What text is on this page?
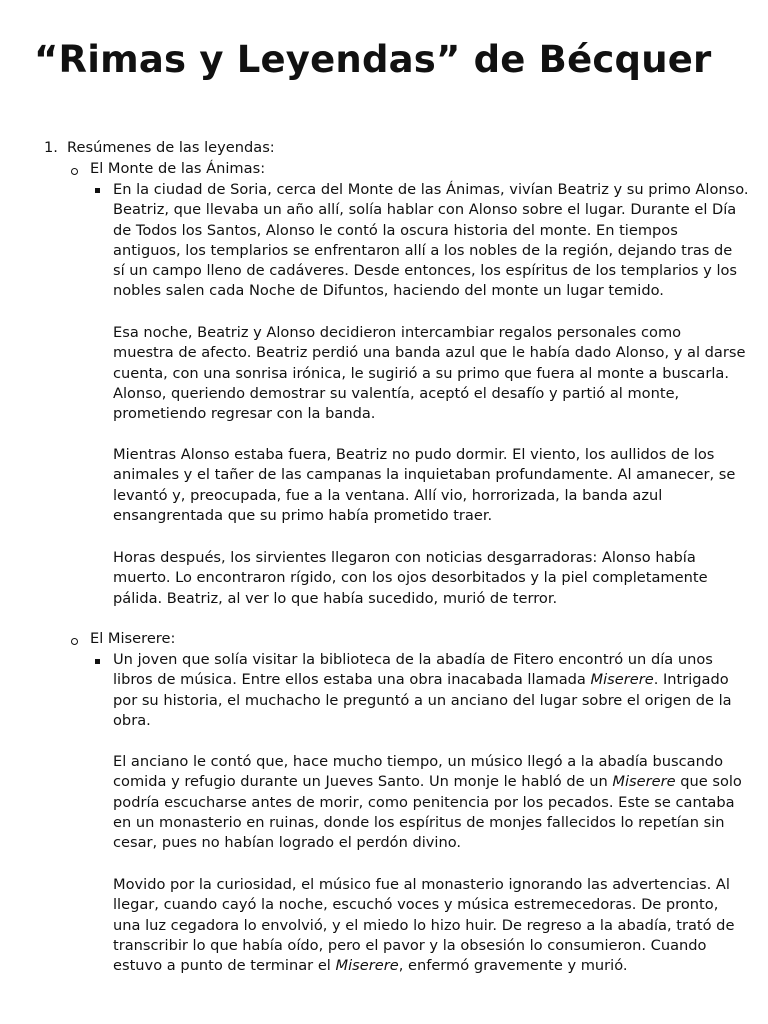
“Rimas y Leyendas” de Bécquer
1. Resúmenes de las leyendas:
El Monte de las Ánimas:
En la ciudad de Soria, cerca del Monte de las Ánimas, vivían Beatriz y su primo Alonso.
Beatriz, que llevaba un año allí, solía hablar con Alonso sobre el lugar. Durante el Día
de Todos los Santos, Alonso le contó la oscura historia del monte. En tiempos
antiguos, los templarios se enfrentaron allí a los nobles de la región, dejando tras de
sí un campo lleno de cadáveres. Desde entonces, los espíritus de los templarios y los
nobles salen cada Noche de Difuntos, haciendo del monte un lugar temido.
Esa noche, Beatriz y Alonso decidieron intercambiar regalos personales como
muestra de afecto. Beatriz perdió una banda azul que le había dado Alonso, y al darse
cuenta, con una sonrisa irónica, le sugirió a su primo que fuera al monte a buscarla.
Alonso, queriendo demostrar su valentía, aceptó el desafío y partió al monte,
prometiendo regresar con la banda.
Mientras Alonso estaba fuera, Beatriz no pudo dormir. El viento, los aullidos de los
animales y el tañer de las campanas la inquietaban profundamente. Al amanecer, se
levantó y, preocupada, fue a la ventana. Allí vio, horrorizada, la banda azul
ensangrentada que su primo había prometido traer.
Horas después, los sirvientes llegaron con noticias desgarradoras: Alonso había
muerto. Lo encontraron rígido, con los ojos desorbitados y la piel completamente
pálida. Beatriz, al ver lo que había sucedido, murió de terror.
El Miserere:
Un joven que solía visitar la biblioteca de la abadía de Fitero encontró un día unos
libros de música. Entre ellos estaba una obra inacabada llamada Miserere. Intrigado
por su historia, el muchacho le preguntó a un anciano del lugar sobre el origen de la
obra.
El anciano le contó que, hace mucho tiempo, un músico llegó a la abadía buscando
comida y refugio durante un Jueves Santo. Un monje le habló de un Miserere que solo
podría escucharse antes de morir, como penitencia por los pecados. Este se cantaba
en un monasterio en ruinas, donde los espíritus de monjes fallecidos lo repetían sin
cesar, pues no habían logrado el perdón divino.
Movido por la curiosidad, el músico fue al monasterio ignorando las advertencias. Al
llegar, cuando cayó la noche, escuchó voces y música estremecedoras. De pronto,
una luz cegadora lo envolvió, y el miedo lo hizo huir. De regreso a la abadía, trató de
transcribir lo que había oído, pero el pavor y la obsesión lo consumieron. Cuando
estuvo a punto de terminar el Miserere, enfermó gravemente y murió.
